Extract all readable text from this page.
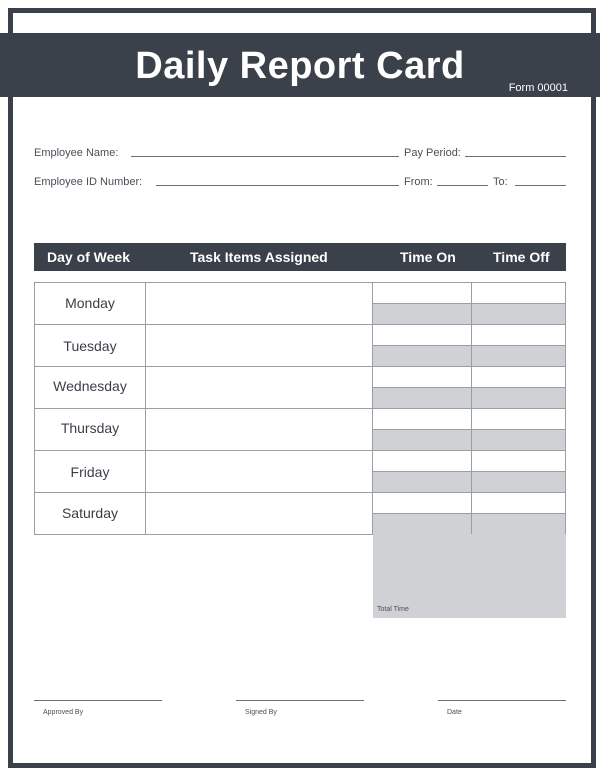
Daily Report Card
Form 00001
Employee Name:	Pay Period:
Employee ID Number:	From:	To:
Day of Week	Task Items Assigned	Time On	Time Off
Monday
Tuesday
Wednesday
Thursday
Friday
Saturday
Total Time
Approved By	Signed By	Date
